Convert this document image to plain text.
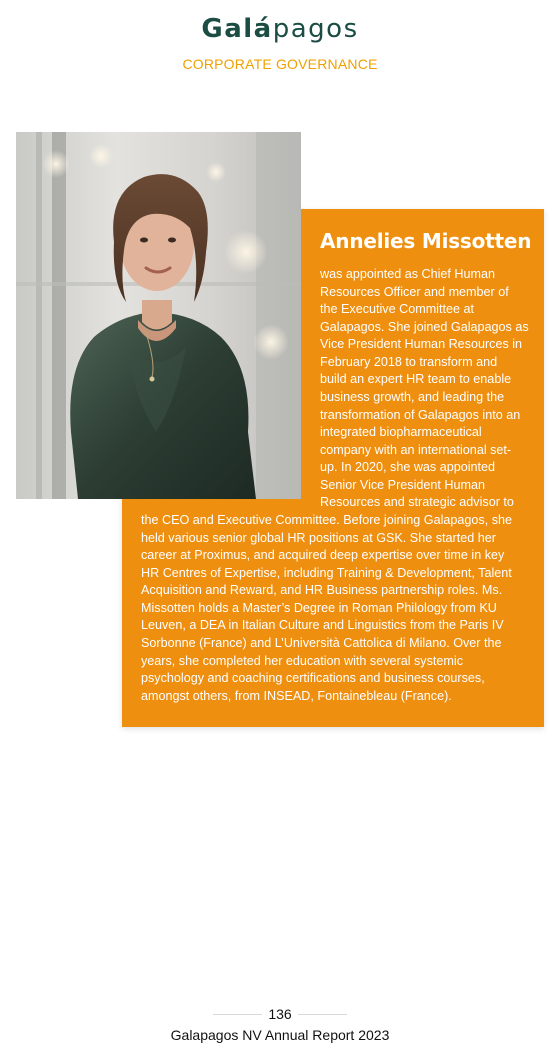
Galápagos
CORPORATE GOVERNANCE
Annelies Missotten
was appointed as Chief Human
Resources Officer and member of
the Executive Committee at
Galapagos. She joined Galapagos as
Vice President Human Resources in
February 2018 to transform and
build an expert HR team to enable
business growth, and leading the
transformation of Galapagos into an
integrated biopharmaceutical
company with an international set-
up. In 2020, she was appointed
Senior Vice President Human
Resources and strategic advisor to
the CEO and Executive Committee. Before joining Galapagos, she
held various senior global HR positions at GSK. She started her
career at Proximus, and acquired deep expertise over time in key
HR Centres of Expertise, including Training & Development, Talent
Acquisition and Reward, and HR Business partnership roles. Ms.
Missotten holds a Master’s Degree in Roman Philology from KU
Leuven, a DEA in Italian Culture and Linguistics from the Paris IV
Sorbonne (France) and L’Università Cattolica di Milano. Over the
years, she completed her education with several systemic
psychology and coaching certifications and business courses,
amongst others, from INSEAD, Fontainebleau (France).
136
Galapagos NV Annual Report 2023
